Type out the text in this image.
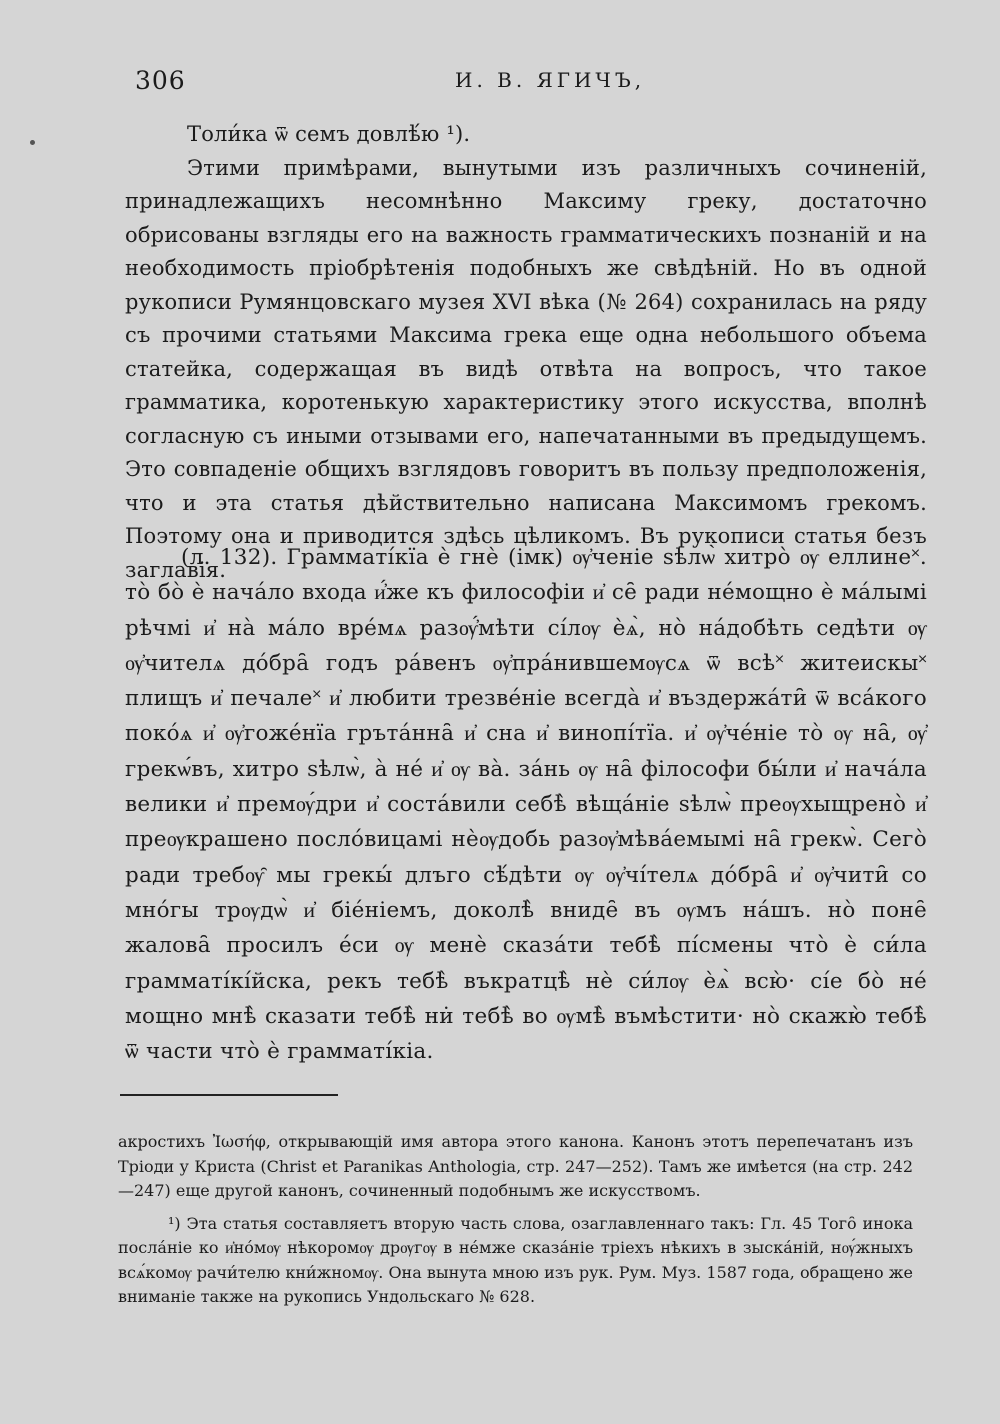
306	И. В. ЯГИЧЪ,

Толи́ка ѿ семъ довлѣ́ю ¹).

Этими примѣрами, вынутыми изъ различныхъ сочиненій, принадлежащихъ несомнѣнно Максиму греку, достаточно обрисованы взгляды его на важность грамматическихъ познаній и на необходимость пріобрѣтенія подобныхъ же свѣдѣній. Но въ одной рукописи Румянцовскаго музея XVI вѣка (№ 264) сохранилась на ряду съ прочими статьями Максима грека еще одна небольшого объема статейка, содержащая въ видѣ отвѣта на вопросъ, что такое грамматика, коротенькую характеристику этого искусства, вполнѣ согласную съ иными отзывами его, напечатанными въ предыдущемъ. Это совпаденіе общихъ взглядовъ говоритъ въ пользу предположенія, что и эта статья дѣйствительно написана Максимомъ грекомъ. Поэтому она и приводится здѣсь цѣликомъ. Въ рукописи статья безъ заглавія.

(л. 132). Грамматі́кїа ѐ гнѐ (імк) ѹ҆ченіе ѕѣлѡ̀ хитро̀ ѹ еллине˟. то̀ бо̀ ѐ нача́ло входа и҆́же къ философіи и҆ се̑ ради не́мощно ѐ ма́лымі рѣчмі и҆ на̀ ма́ло вре́мѧ разѹ҆́мѣти сі́лѹ ѐѧ̀, но̀ на́добѣть седѣти ѹ ѹ҆чителѧ до́бра̑ годъ ра́венъ ѹ҆пра́нившемѹсѧ ѿ всѣ˟ житеискы˟ плищъ и҆ печале˟ и҆ любити трезве́ніе всегда̀ и҆ въздержа́ти̑ ѿ вса́кого поко́ѧ и҆ ѹ҆гоже́нїа гръта́нна̑ и҆ сна и҆ винопі́тїа. и҆ ѹ҆че́ніе то̀ ѹ на̑, ѹ҆ грекѡ́въ, хитро ѕѣлѡ̀, а̀ не́ и҆ ѹ ва̀. за́нь ѹ на̑ філософи бы́ли и҆ нача́ла велики и҆ премѹ́дри и҆ соста́вили себѣ̀ вѣща́ніе ѕѣлѡ̀ преѹхыщрено̀ и҆ преѹкрашено посло́вицамі нѐѹдобь разѹ҆мѣва́емымі на̑ грекѡ̀. Сего̀ ради требѹ̑ мы грекы́ длъго сѣ́дѣти ѹ ѹ҆чі́телѧ до́бра̑ и҆ ѹ҆чити̑ со мно́гы трѹдѡ̀ и҆ біе́ніемъ, доколѣ̀ вниде̑ въ ѹмъ на́шъ. но̀ поне̑ жалова̑ просилъ е́си ѹ менѐ сказа́ти тебѣ̀ пі́смены что̀ ѐ си́ла грамматі́кі́йска, рекъ тебѣ̀ въкратцѣ̀ нѐ си́лѹ ѐѧ̀ всю̀· сі́е бо̀ не́ мощно мнѣ̀ сказати тебѣ̀ ни̇ тебѣ̀ во ѹмѣ̀ въмѣстити· но̀ скажю̀ тебѣ̀ ѿ части что̀ ѐ грамматі́кіа.

акростихъ Ἰωσήφ, открывающій имя автора этого канона. Канонъ этотъ перепечатанъ изъ Тріоди у Криста (Christ et Paranikas Anthologia, стр. 247—252). Тамъ же имѣется (на стр. 242—247) еще другой канонъ, сочиненный подобнымъ же искусствомъ.

¹) Эта статья составляетъ вторую часть слова, озаглавленнаго такъ: Гл. 45 Того̑ инока посла́ніе ко и҆но́мѹ нѣкоромѹ дрѹгѹ в не́мже сказа́ніе тріехъ нѣкихъ в зыска́ній, нѹ́жныхъ всѧ́комѹ рачи́телю кни́жномѹ. Она вынута мною изъ рук. Рум. Муз. 1587 года, обращено же вниманіе также на рукопись Ундольскаго № 628.
